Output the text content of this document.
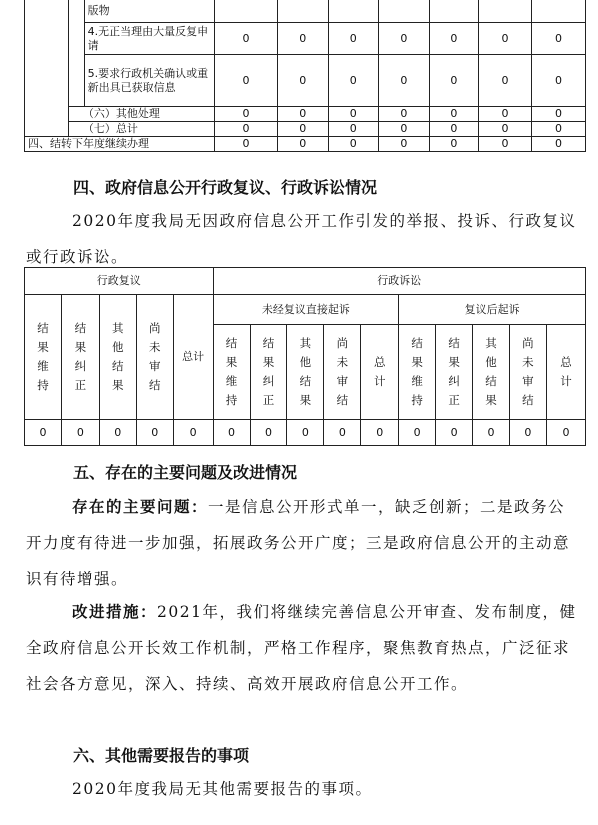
		版物							
		4.无正当理由大量反复申请	0	0	0	0	0	0	0
		5.要求行政机关确认或重新出具已获取信息	0	0	0	0	0	0	0
	（六）其他处理		0	0	0	0	0	0	0
	（七）总计		0	0	0	0	0	0	0
四、结转下年度继续办理			0	0	0	0	0	0	0
四、政府信息公开行政复议、行政诉讼情况
2020年度我局无因政府信息公开工作引发的举报、投诉、行政复议或行政诉讼。
行政复议					行政诉讼									
结果维持	结果纠正	其他结果	尚未审结	总计	未经复议直接起诉					复议后起诉				
					结果维持	结果纠正	其他结果	尚未审结	总计	结果维持	结果纠正	其他结果	尚未审结	总计
0	0	0	0	0	0	0	0	0	0	0	0	0	0	0
五、存在的主要问题及改进情况
存在的主要问题：一是信息公开形式单一，缺乏创新；二是政务公开力度有待进一步加强，拓展政务公开广度；三是政府信息公开的主动意识有待增强。
改进措施：2021年，我们将继续完善信息公开审查、发布制度，健全政府信息公开长效工作机制，严格工作程序，聚焦教育热点，广泛征求社会各方意见，深入、持续、高效开展政府信息公开工作。
六、其他需要报告的事项
2020年度我局无其他需要报告的事项。
